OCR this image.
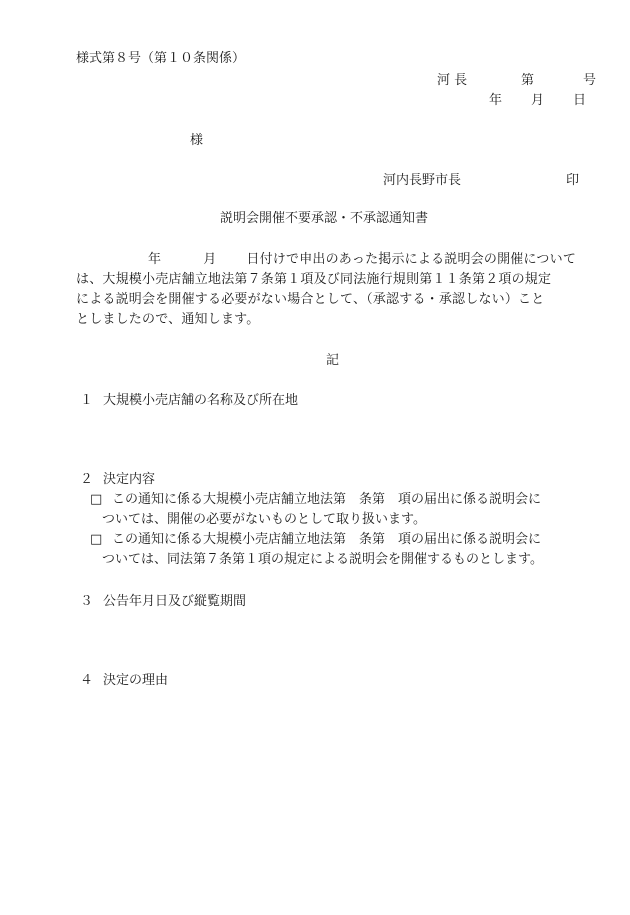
様式第８号（第１０条関係）
河 長	第	号
年 月 日
様
河内長野市長	印
説明会開催不要承認・不承認通知書
年	月 日付けで申出のあった掲示による説明会の開催について
は、大規模小売店舗立地法第７条第１項及び同法施行規則第１１条第２項の規定
による説明会を開催する必要がない場合として、（承認する・承認しない）こと
としましたので、通知します。
記
１ 大規模小売店舗の名称及び所在地
２ 決定内容
□ この通知に係る大規模小売店舗立地法第　条第　項の届出に係る説明会に
ついては、開催の必要がないものとして取り扱います。
□ この通知に係る大規模小売店舗立地法第　条第　項の届出に係る説明会に
ついては、同法第７条第１項の規定による説明会を開催するものとします。
３ 公告年月日及び縦覧期間
４ 決定の理由
